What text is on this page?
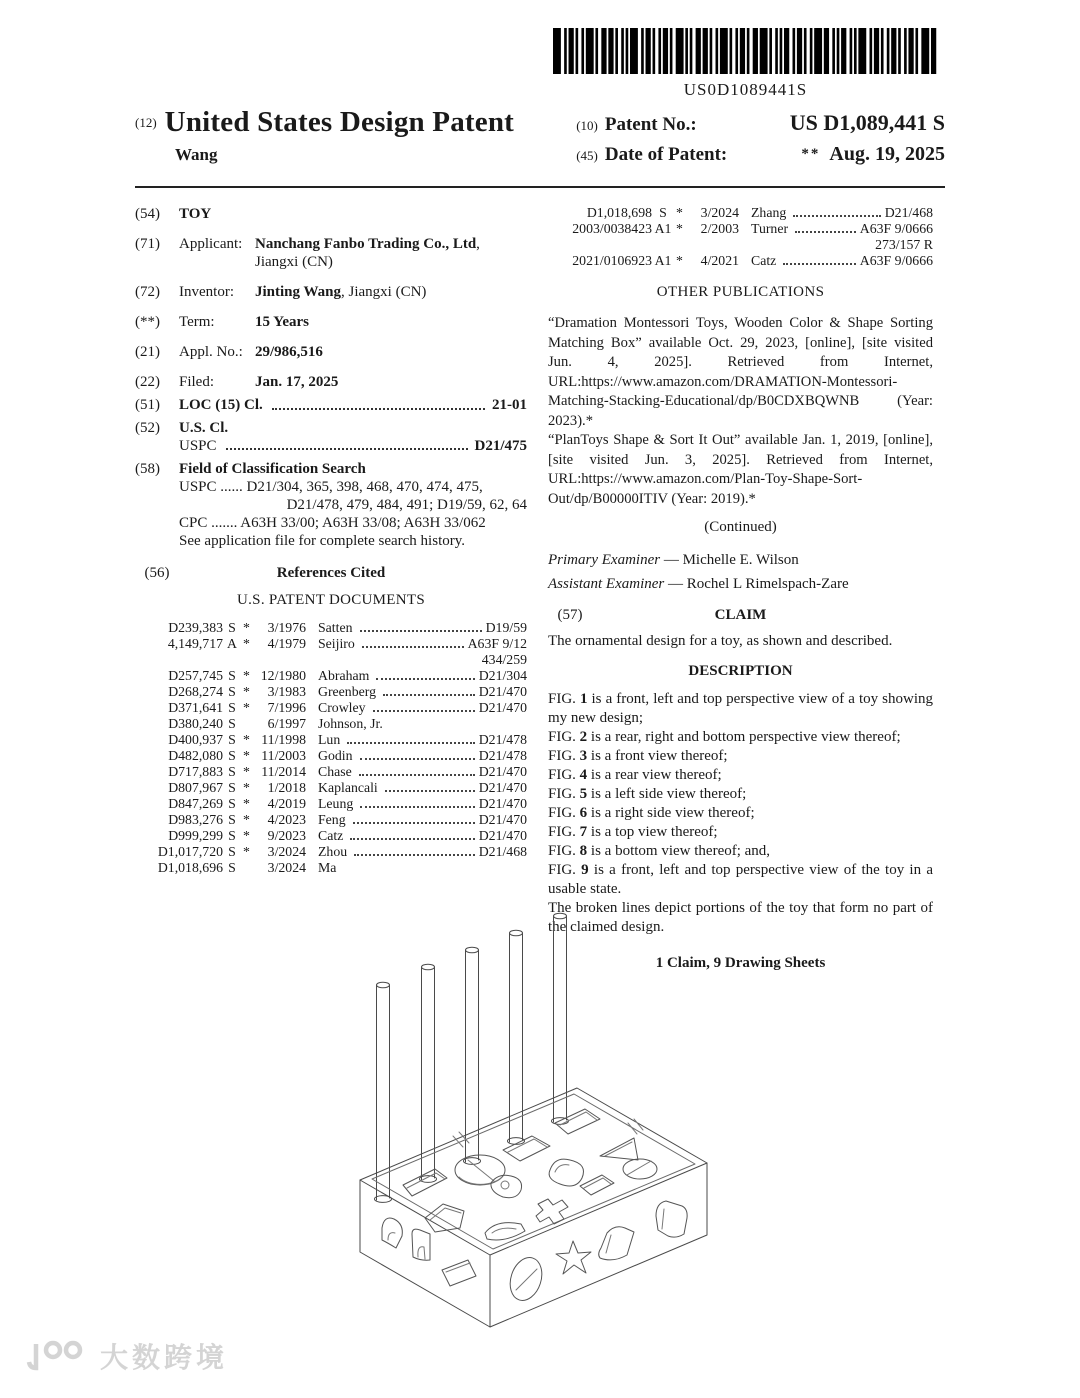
US0D1089441S
(12) United States Design Patent
Wang
(10) Patent No.:	US D1,089,441 S
(45) Date of Patent:	** Aug. 19, 2025
(54)	TOY
(71)	Applicant: Nanchang Fanbo Trading Co., Ltd,
Jiangxi (CN)
(72)	Inventor:	Jinting Wang, Jiangxi (CN)
(**)	Term:	15 Years
(21)	Appl. No.: 29/986,516
(22)	Filed:	Jan. 17, 2025
(51)	LOC (15) Cl.	21-01
(52)	U.S. Cl.
USPC	D21/475
(58)	Field of Classification Search
USPC ...... D21/304, 365, 398, 468, 470, 474, 475,
D21/478, 479, 484, 491; D19/59, 62, 64
CPC ....... A63H 33/00; A63H 33/08; A63H 33/062
See application file for complete search history.
(56)	References Cited
U.S. PATENT DOCUMENTS
D239,383 S *	3/1976 Satten	D19/59
4,149,717 A *	4/1979 Seijiro	A63F 9/12
434/259
D257,745 S * 12/1980 Abraham	D21/304
D268,274 S *	3/1983 Greenberg	D21/470
D371,641 S *	7/1996 Crowley	D21/470
D380,240 S	6/1997 Johnson, Jr.
D400,937 S * 11/1998 Lun	D21/478
D482,080 S * 11/2003 Godin	D21/478
D717,883 S * 11/2014 Chase	D21/470
D807,967 S *	1/2018 Kaplancali	D21/470
D847,269 S *	4/2019 Leung	D21/470
D983,276 S *	4/2023 Feng	D21/470
D999,299 S *	9/2023 Catz	D21/470
D1,017,720 S *	3/2024 Zhou	D21/468
D1,018,696 S	3/2024 Ma
D1,018,698 S *	3/2024 Zhang	D21/468
2003/0038423 A1 *	2/2003 Turner	A63F 9/0666
273/157 R
2021/0106923 A1 *	4/2021 Catz	A63F 9/0666
OTHER PUBLICATIONS

“Dramation Montessori Toys, Wooden Color & Shape Sorting Matching Box” available Oct. 29, 2023, [online], [site visited Jun. 4, 2025]. Retrieved from Internet, URL:https://www.amazon.com/DRAMATION-Montessori-Matching-Stacking-Educational/dp/B0CDXBQWNB (Year: 2023).*

“PlanToys Shape & Sort It Out” available Jan. 1, 2019, [online], [site visited Jun. 3, 2025]. Retrieved from Internet, URL:https://www.amazon.com/Plan-Toy-Shape-Sort-Out/dp/B00000ITIV (Year: 2019).*

(Continued)
Primary Examiner — Michelle E. Wilson
Assistant Examiner — Rochel L Rimelspach-Zare
(57)	CLAIM
The ornamental design for a toy, as shown and described.
DESCRIPTION

FIG. 1 is a front, left and top perspective view of a toy showing my new design;

FIG. 2 is a rear, right and bottom perspective view thereof;

FIG. 3 is a front view thereof;

FIG. 4 is a rear view thereof;

FIG. 5 is a left side view thereof;

FIG. 6 is a right side view thereof;

FIG. 7 is a top view thereof;

FIG. 8 is a bottom view thereof; and,

FIG. 9 is a front, left and top perspective view of the toy in a usable state.

The broken lines depict portions of the toy that form no part of the claimed design.
1 Claim, 9 Drawing Sheets
大数跨境
